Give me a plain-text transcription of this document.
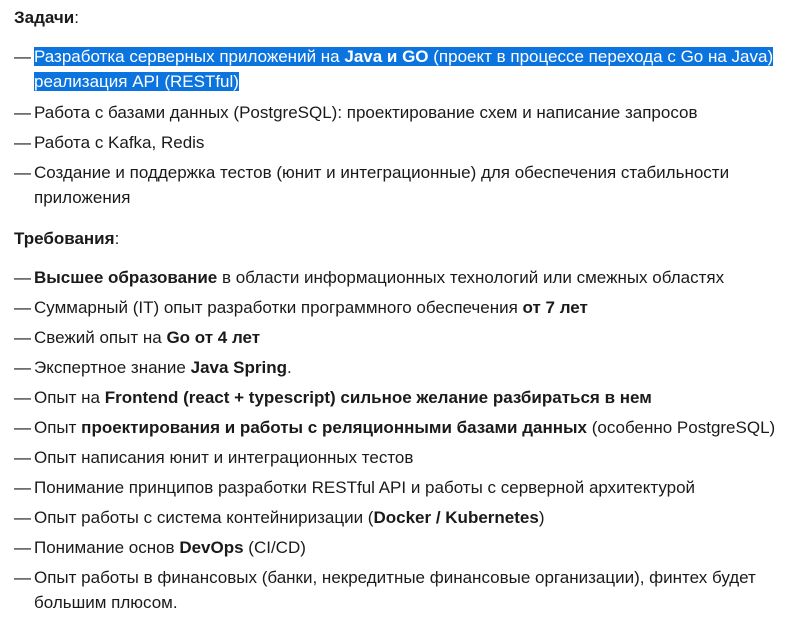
Задачи:

— Разработка серверных приложений на Java и GO (проект в процессе перехода с Go на Java) реализация API (RESTful)
— Работа с базами данных (PostgreSQL): проектирование схем и написание запросов
— Работа с Kafka, Redis
— Создание и поддержка тестов (юнит и интеграционные) для обеспечения стабильности приложения

Требования:

— Высшее образование в области информационных технологий или смежных областях
— Суммарный (IT) опыт разработки программного обеспечения от 7 лет
— Свежий опыт на Go от 4 лет
— Экспертное знание Java Spring.
— Опыт на Frontend (react + typescript) сильное желание разбираться в нем
— Опыт проектирования и работы с реляционными базами данных (особенно PostgreSQL)
— Опыт написания юнит и интеграционных тестов
— Понимание принципов разработки RESTful API и работы с серверной архитектурой
— Опыт работы с система контейниризации (Docker / Kubernetes)
— Понимание основ DevOps (CI/CD)
— Опыт работы в финансовых (банки, некредитные финансовые организации), финтех будет большим плюсом.
